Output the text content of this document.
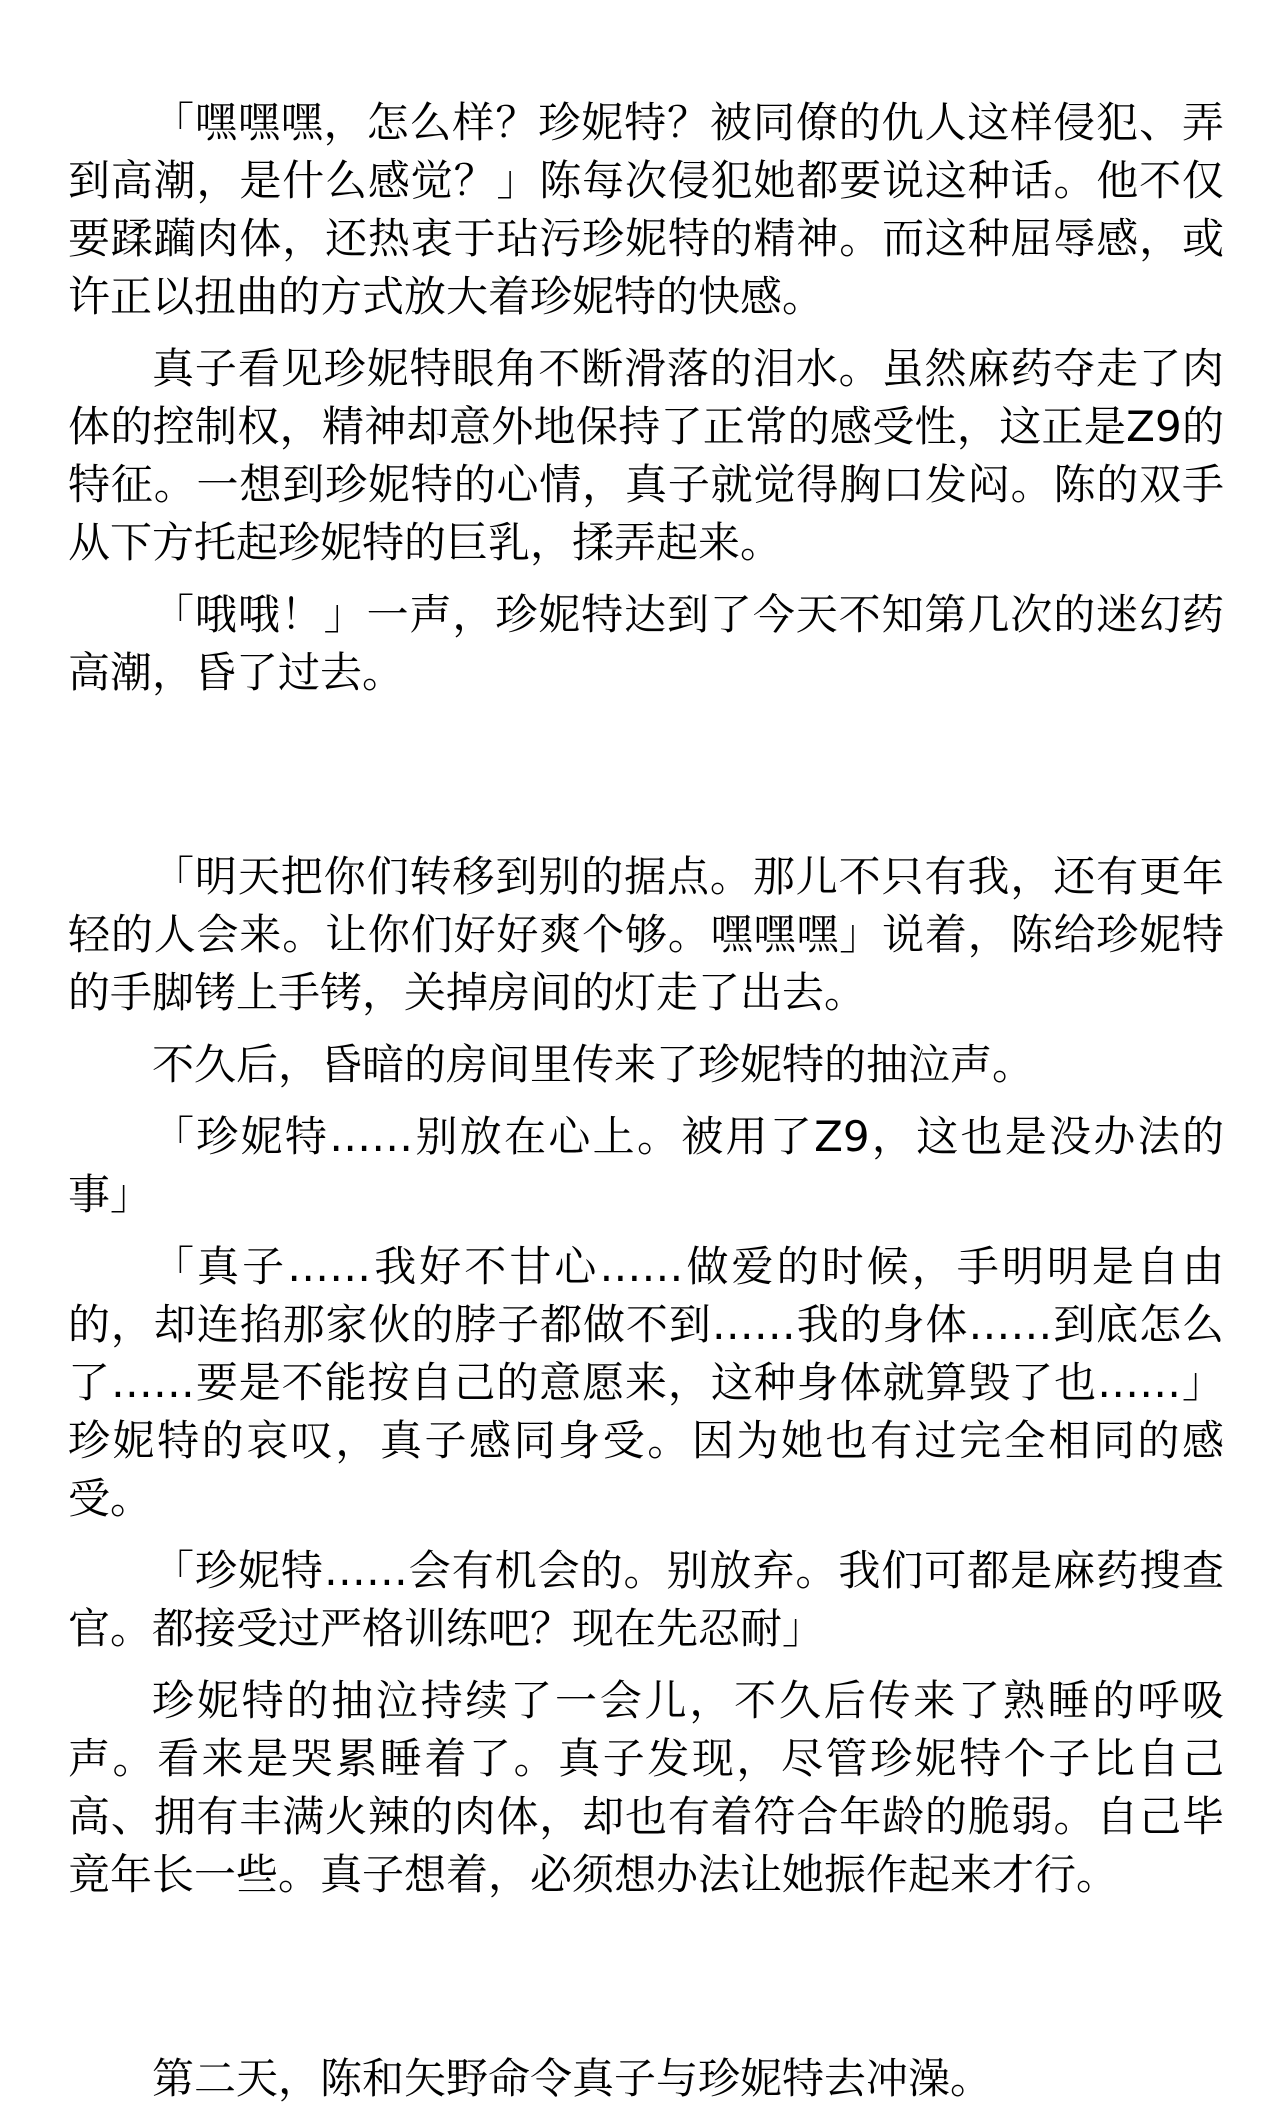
「嘿嘿嘿，怎么样？珍妮特？被同僚的仇人这样侵犯、弄到高潮，是什么感觉？」陈每次侵犯她都要说这种话。他不仅要蹂躏肉体，还热衷于玷污珍妮特的精神。而这种屈辱感，或许正以扭曲的方式放大着珍妮特的快感。

真子看见珍妮特眼角不断滑落的泪水。虽然麻药夺走了肉体的控制权，精神却意外地保持了正常的感受性，这正是Z9的特征。一想到珍妮特的心情，真子就觉得胸口发闷。陈的双手从下方托起珍妮特的巨乳，揉弄起来。

「哦哦！」一声，珍妮特达到了今天不知第几次的迷幻药高潮，昏了过去。

「明天把你们转移到别的据点。那儿不只有我，还有更年轻的人会来。让你们好好爽个够。嘿嘿嘿」说着，陈给珍妮特的手脚铐上手铐，关掉房间的灯走了出去。

不久后，昏暗的房间里传来了珍妮特的抽泣声。

「珍妮特……别放在心上。被用了Z9，这也是没办法的事」

「真子……我好不甘心……做爱的时候，手明明是自由的，却连掐那家伙的脖子都做不到……我的身体……到底怎么了……要是不能按自己的意愿来，这种身体就算毁了也……」珍妮特的哀叹，真子感同身受。因为她也有过完全相同的感受。

「珍妮特……会有机会的。别放弃。我们可都是麻药搜查官。都接受过严格训练吧？现在先忍耐」

珍妮特的抽泣持续了一会儿，不久后传来了熟睡的呼吸声。看来是哭累睡着了。真子发现，尽管珍妮特个子比自己高、拥有丰满火辣的肉体，却也有着符合年龄的脆弱。自己毕竟年长一些。真子想着，必须想办法让她振作起来才行。

第二天，陈和矢野命令真子与珍妮特去冲澡。
